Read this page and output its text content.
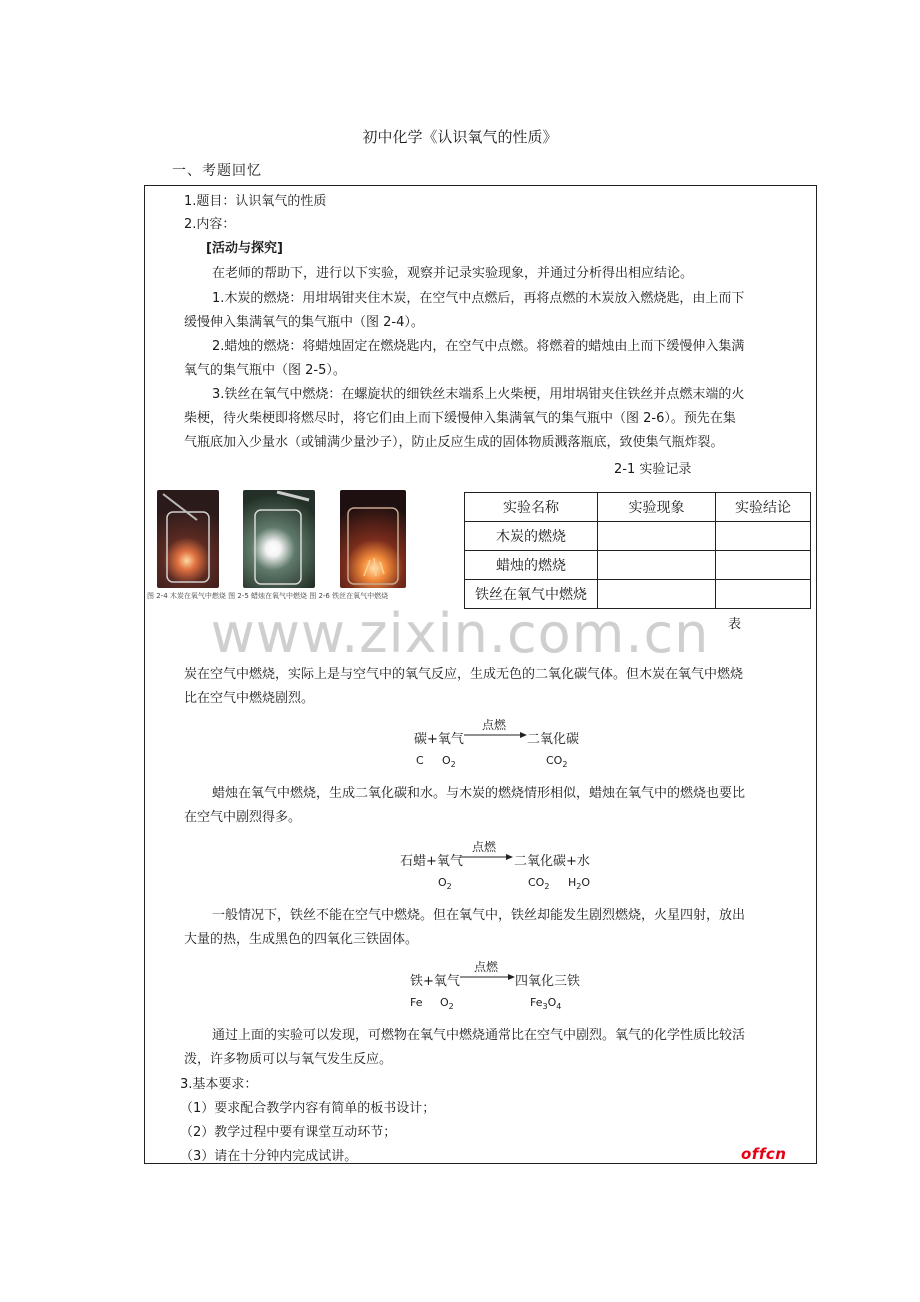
初中化学《认识氧气的性质》
一、考题回忆
1.题目：认识氧气的性质
2.内容：
[活动与探究]
在老师的帮助下，进行以下实验，观察并记录实验现象，并通过分析得出相应结论。
1.木炭的燃烧：用坩埚钳夹住木炭，在空气中点燃后，再将点燃的木炭放入燃烧匙，由上而下
缓慢伸入集满氧气的集气瓶中（图 2-4）。
2.蜡烛的燃烧：将蜡烛固定在燃烧匙内，在空气中点燃。将燃着的蜡烛由上而下缓慢伸入集满
氧气的集气瓶中（图 2-5）。
3.铁丝在氧气中燃烧：在螺旋状的细铁丝末端系上火柴梗，用坩埚钳夹住铁丝并点燃末端的火
柴梗，待火柴梗即将燃尽时，将它们由上而下缓慢伸入集满氧气的集气瓶中（图 2-6）。预先在集
气瓶底加入少量水（或铺满少量沙子），防止反应生成的固体物质溅落瓶底，致使集气瓶炸裂。
2-1 实验记录
图 2-4 木炭在氧气中燃烧 图 2-5 蜡烛在氧气中燃烧 图 2-6 铁丝在氧气中燃烧
实验名称	实验现象	实验结论
木炭的燃烧		
蜡烛的燃烧		
铁丝在氧气中燃烧		
www.zixin.com.cn	表
炭在空气中燃烧，实际上是与空气中的氧气反应，生成无色的二氧化碳气体。但木炭在氧气中燃烧
比在空气中燃烧剧烈。
碳+氧气
点燃
二氧化碳
C $O_2$	$CO_2$
蜡烛在氧气中燃烧，生成二氧化碳和水。与木炭的燃烧情形相似，蜡烛在氧气中的燃烧也要比
在空气中剧烈得多。
石蜡+氧气
点燃
二氧化碳+水
$O_2$	$CO_2$ $H_2O$
一般情况下，铁丝不能在空气中燃烧。但在氧气中，铁丝却能发生剧烈燃烧，火星四射，放出
大量的热，生成黑色的四氧化三铁固体。
铁+氧气
点燃
四氧化三铁
Fe $O_2$	$Fe_3O_4$
通过上面的实验可以发现，可燃物在氧气中燃烧通常比在空气中剧烈。氧气的化学性质比较活
泼，许多物质可以与氧气发生反应。
3.基本要求：
（1）要求配合教学内容有简单的板书设计；
（2）教学过程中要有课堂互动环节；
（3）请在十分钟内完成试讲。	offcn
